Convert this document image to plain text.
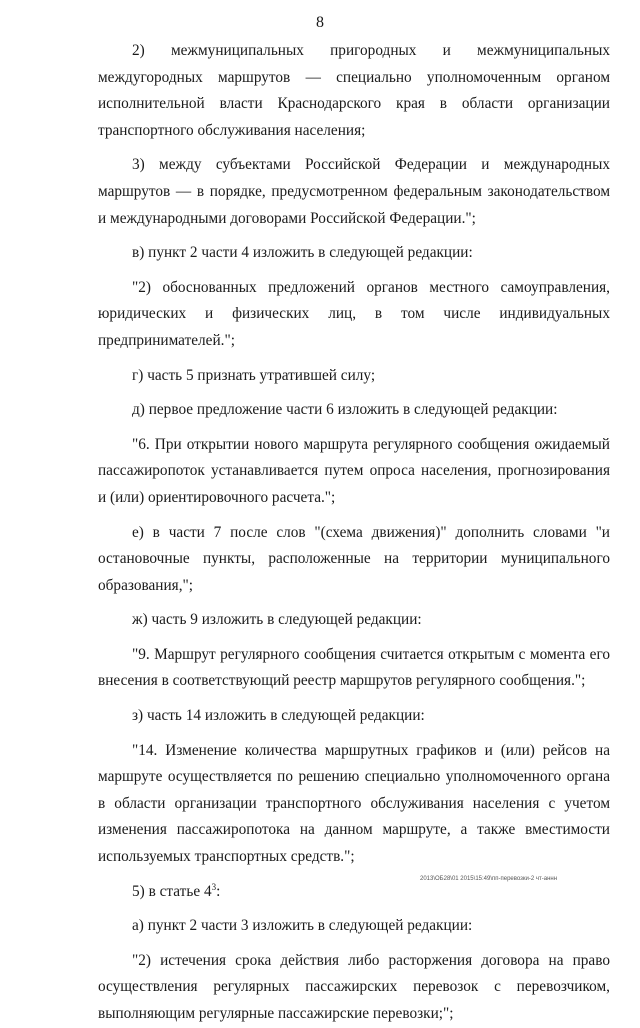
8

2) межмуниципальных пригородных и межмуниципальных междугородных маршрутов — специально уполномоченным органом исполнительной власти Краснодарского края в области организации транспортного обслуживания населения;

3) между субъектами Российской Федерации и международных маршрутов — в порядке, предусмотренном федеральным законодательством и международными договорами Российской Федерации.";

в) пункт 2 части 4 изложить в следующей редакции:

"2) обоснованных предложений органов местного самоуправления, юридических и физических лиц, в том числе индивидуальных предпринимателей.";

г) часть 5 признать утратившей силу;

д) первое предложение части 6 изложить в следующей редакции:

"6. При открытии нового маршрута регулярного сообщения ожидаемый пассажиропоток устанавливается путем опроса населения, прогнозирования и (или) ориентировочного расчета.";

е) в части 7 после слов "(схема движения)" дополнить словами "и остановочные пункты, расположенные на территории муниципального образования,";

ж) часть 9 изложить в следующей редакции:

"9. Маршрут регулярного сообщения считается открытым с момента его внесения в соответствующий реестр маршрутов регулярного сообщения.";

з) часть 14 изложить в следующей редакции:

"14. Изменение количества маршрутных графиков и (или) рейсов на маршруте осуществляется по решению специально уполномоченного органа в области организации транспортного обслуживания населения с учетом изменения пассажиропотока на данном маршруте, а также вместимости используемых транспортных средств.";

5) в статье $4^3$:

а) пункт 2 части 3 изложить в следующей редакции:

"2) истечения срока действия либо расторжения договора на право осуществления регулярных пассажирских перевозок с перевозчиком, выполняющим регулярные пассажирские перевозки;";

2013\ОБ28\01 2015\15:49\пп-перевозки-2 чт-аннн
